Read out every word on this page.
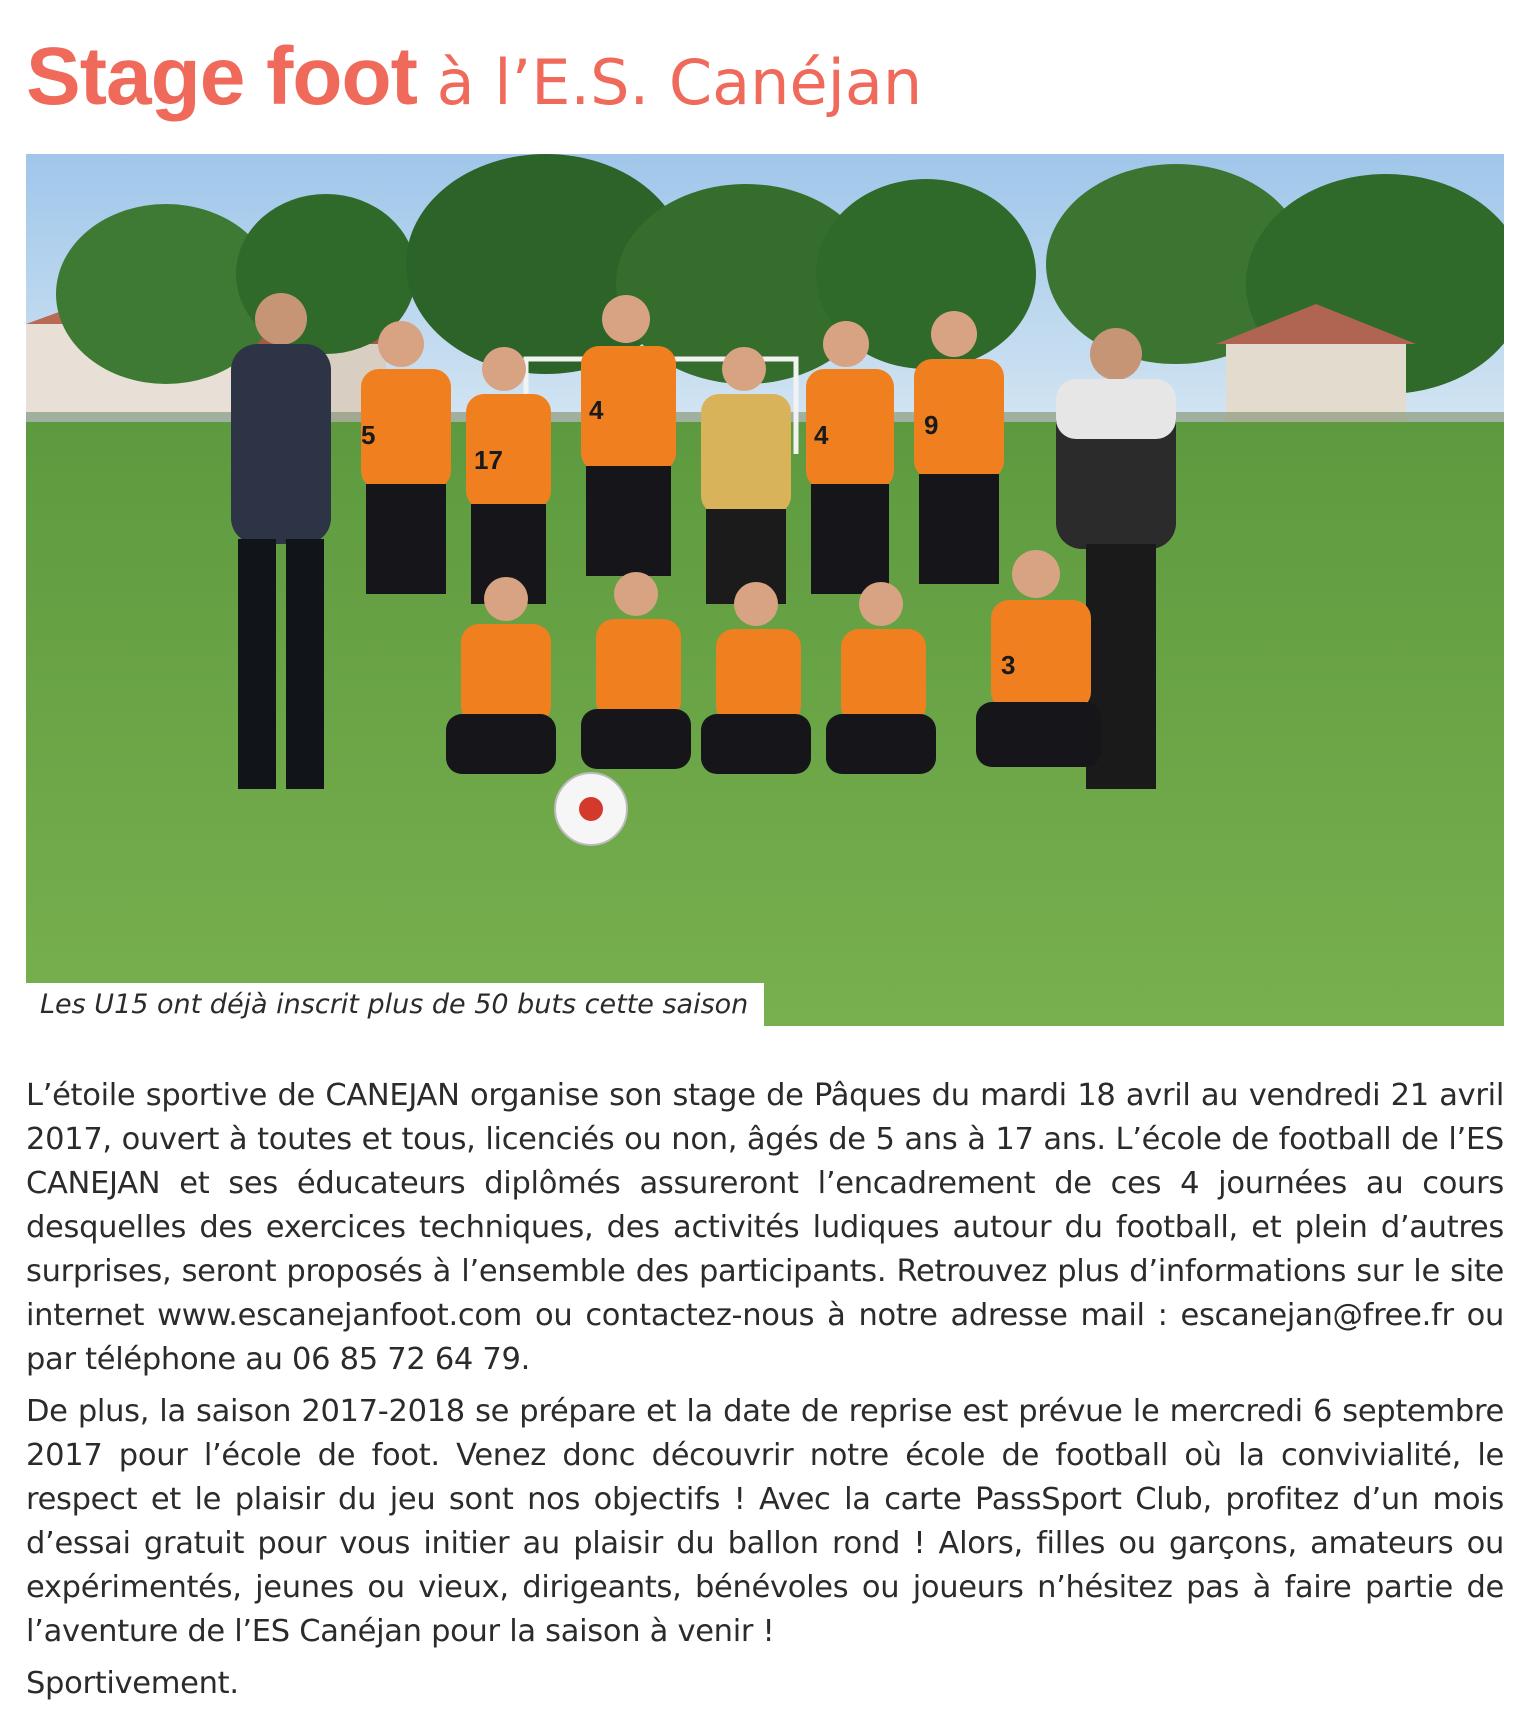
Stage foot à l’E.S. Canéjan
5
17
4
4	9
3
Les U15 ont déjà inscrit plus de 50 buts cette saison

L’étoile sportive de CANEJAN organise son stage de Pâques du mardi 18 avril au vendredi 21 avril 2017, ouvert à toutes et tous, licenciés ou non, âgés de 5 ans à 17 ans. L’école de football de l’ES CANEJAN et ses éducateurs diplômés assureront l’encadrement de ces 4 journées au cours desquelles des exercices techniques, des activités ludiques autour du football, et plein d’autres surprises, seront proposés à l’ensemble des participants. Retrouvez plus d’informations sur le site internet www.escanejanfoot.com ou contactez-nous à notre adresse mail : escanejan@free.fr ou par téléphone au 06 85 72 64 79.

De plus, la saison 2017-2018 se prépare et la date de reprise est prévue le mercredi 6 septembre 2017 pour l’école de foot. Venez donc découvrir notre école de football où la convivialité, le respect et le plaisir du jeu sont nos objectifs ! Avec la carte PassSport Club, profitez d’un mois d’essai gratuit pour vous initier au plaisir du ballon rond ! Alors, filles ou garçons, amateurs ou expérimentés, jeunes ou vieux, dirigeants, bénévoles ou joueurs n’hésitez pas à faire partie de l’aventure de l’ES Canéjan pour la saison à venir !

Sportivement.
